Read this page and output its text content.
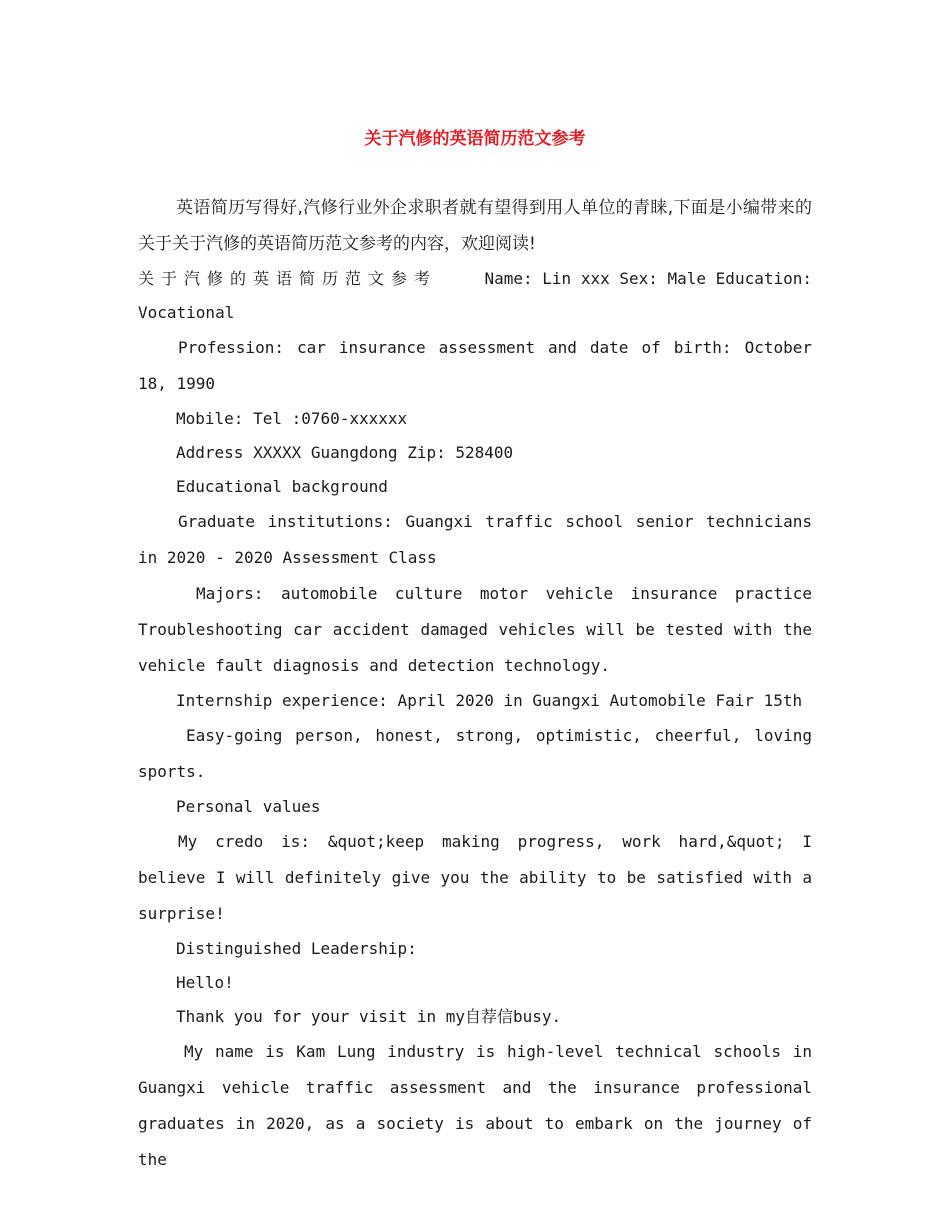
关于汽修的英语简历范文参考

英语简历写得好,汽修行业外企求职者就有望得到用人单位的青睐,下面是小编带来的关于关于汽修的英语简历范文参考的内容，欢迎阅读!

关于汽修的英语简历范文参考	Name: Lin xxx Sex: Male Education:

Vocational

Profession: car insurance assessment and date of birth: October 18, 1990

Mobile: Tel :0760-xxxxxx

Address XXXXX Guangdong Zip: 528400

Educational background

Graduate institutions: Guangxi traffic school senior technicians in 2020 - 2020 Assessment Class

Majors: automobile culture motor vehicle insurance practice Troubleshooting car accident damaged vehicles will be tested with the vehicle fault diagnosis and detection technology.

Internship experience: April 2020 in Guangxi Automobile Fair 15th

Easy-going person, honest, strong, optimistic, cheerful, loving sports.

Personal values

My credo is: &quot;keep making progress, work hard,&quot; I believe I will definitely give you the ability to be satisfied with a surprise!

Distinguished Leadership:

Hello!

Thank you for your visit in my自荐信busy.

My name is Kam Lung industry is high-level technical schools in Guangxi vehicle traffic assessment and the insurance professional graduates in 2020, as a society is about to embark on the journey of the
